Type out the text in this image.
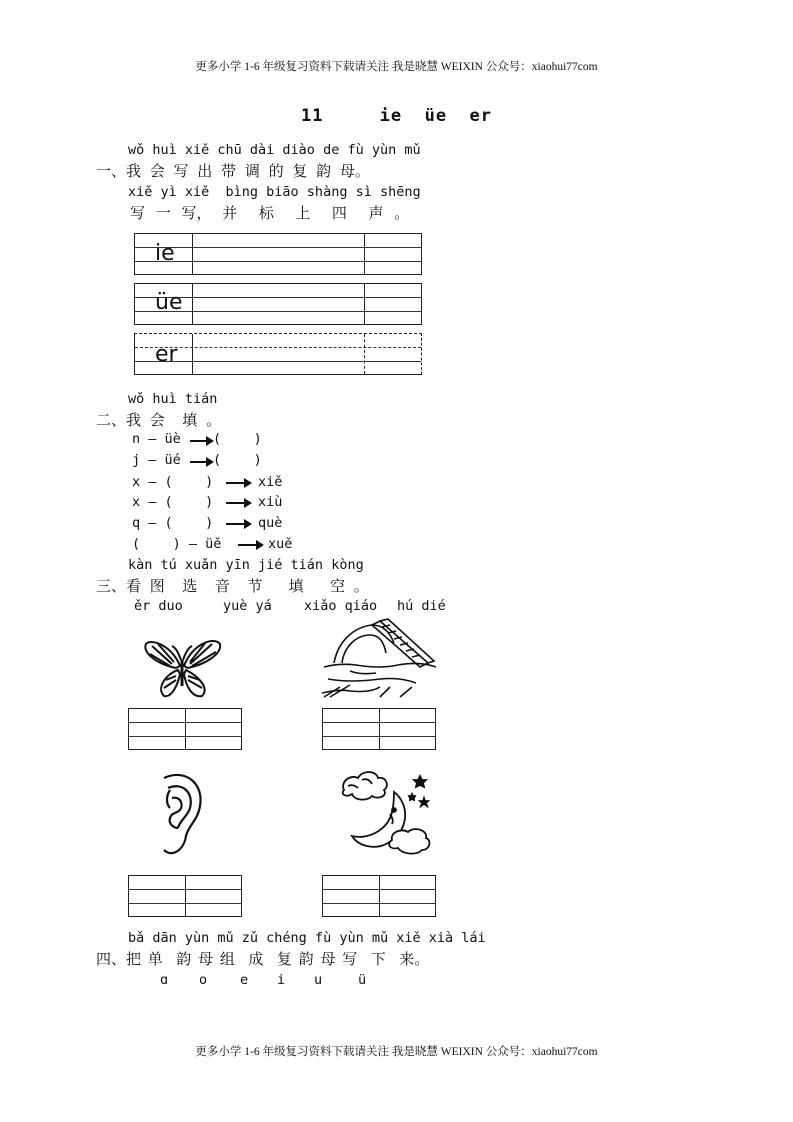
更多小学 1-6 年级复习资料下载请关注 我是晓慧 WEIXIN 公众号：xiaohui77com
11     ie  üe  er
wǒ huì xiě chū dài diào de fù yùn mǔ
一、我 会 写 出 带 调 的 复 韵 母。
xiě yì xiě  bìng biāo shàng sì shēng
写 一 写， 并  标  上  四  声 。
ie
üe
er
wǒ huì tián
二、我 会  填 。
n — üè (    )
j — üé (    )
x — (    )	xiě
x — (    )	xiù
q — (    )	què
(    ) — üě	xuě
kàn tú xuǎn yīn jié tián kòng
三、看 图  选  音  节   填   空 。
ěr duo	yuè yá xiǎo qiáo hú dié
bǎ dān yùn mǔ zǔ chéng fù yùn mǔ xiě xià lái
四、把 单  韵 母 组  成  复 韵 母 写  下  来。
ɑ o e i u	ü
更多小学 1-6 年级复习资料下载请关注 我是晓慧 WEIXIN 公众号：xiaohui77com
